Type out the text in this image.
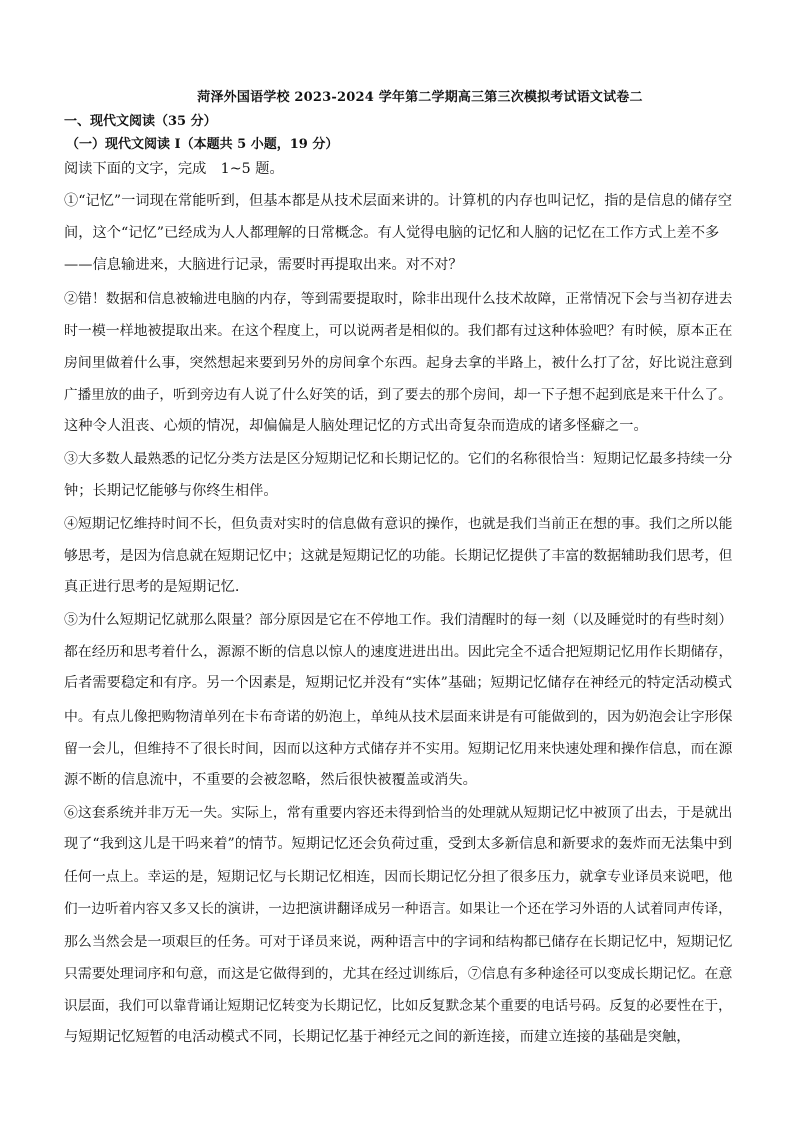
菏泽外国语学校 2023-2024 学年第二学期高三第三次模拟考试语文试卷二
一、现代文阅读（35 分）
（一）现代文阅读 I（本题共 5 小题，19 分）
阅读下面的文字，完成　1~5 题。
①“记忆”一词现在常能听到，但基本都是从技术层面来讲的。计算机的内存也叫记忆，指的是信息的储存空
间，这个“记忆”已经成为人人都理解的日常概念。有人觉得电脑的记忆和人脑的记忆在工作方式上差不多
——信息输进来，大脑进行记录，需要时再提取出来。对不对？
②错！数据和信息被输进电脑的内存，等到需要提取时，除非出现什么技术故障，正常情况下会与当初存进去
时一模一样地被提取出来。在这个程度上，可以说两者是相似的。我们都有过这种体验吧？有时候，原本正在
房间里做着什么事，突然想起来要到另外的房间拿个东西。起身去拿的半路上，被什么打了岔，好比说注意到
广播里放的曲子，听到旁边有人说了什么好笑的话，到了要去的那个房间，却一下子想不起到底是来干什么了。
这种令人沮丧、心烦的情况，却偏偏是人脑处理记忆的方式出奇复杂而造成的诸多怪癖之一。
③大多数人最熟悉的记忆分类方法是区分短期记忆和长期记忆的。它们的名称很恰当：短期记忆最多持续一分
钟；长期记忆能够与你终生相伴。
④短期记忆维持时间不长，但负责对实时的信息做有意识的操作，也就是我们当前正在想的事。我们之所以能
够思考，是因为信息就在短期记忆中；这就是短期记忆的功能。长期记忆提供了丰富的数据辅助我们思考，但
真正进行思考的是短期记忆.
⑤为什么短期记忆就那么限量？部分原因是它在不停地工作。我们清醒时的每一刻（以及睡觉时的有些时刻）
都在经历和思考着什么，源源不断的信息以惊人的速度进进出出。因此完全不适合把短期记忆用作长期储存，
后者需要稳定和有序。另一个因素是，短期记忆并没有“实体”基础；短期记忆储存在神经元的特定活动模式
中。有点儿像把购物清单列在卡布奇诺的奶泡上，单纯从技术层面来讲是有可能做到的，因为奶泡会让字形保
留一会儿，但维持不了很长时间，因而以这种方式储存并不实用。短期记忆用来快速处理和操作信息，而在源
源不断的信息流中，不重要的会被忽略，然后很快被覆盖或消失。
⑥这套系统并非万无一失。实际上，常有重要内容还未得到恰当的处理就从短期记忆中被顶了出去，于是就出
现了“我到这儿是干吗来着”的情节。短期记忆还会负荷过重，受到太多新信息和新要求的轰炸而无法集中到
任何一点上。幸运的是，短期记忆与长期记忆相连，因而长期记忆分担了很多压力，就拿专业译员来说吧，他
们一边听着内容又多又长的演讲，一边把演讲翻译成另一种语言。如果让一个还在学习外语的人试着同声传译，
那么当然会是一项艰巨的任务。可对于译员来说，两种语言中的字词和结构都已储存在长期记忆中，短期记忆
只需要处理词序和句意，而这是它做得到的，尤其在经过训练后，⑦信息有多种途径可以变成长期记忆。在意
识层面，我们可以靠背诵让短期记忆转变为长期记忆，比如反复默念某个重要的电话号码。反复的必要性在于，
与短期记忆短暂的电活动模式不同，长期记忆基于神经元之间的新连接，而建立连接的基础是突触，
